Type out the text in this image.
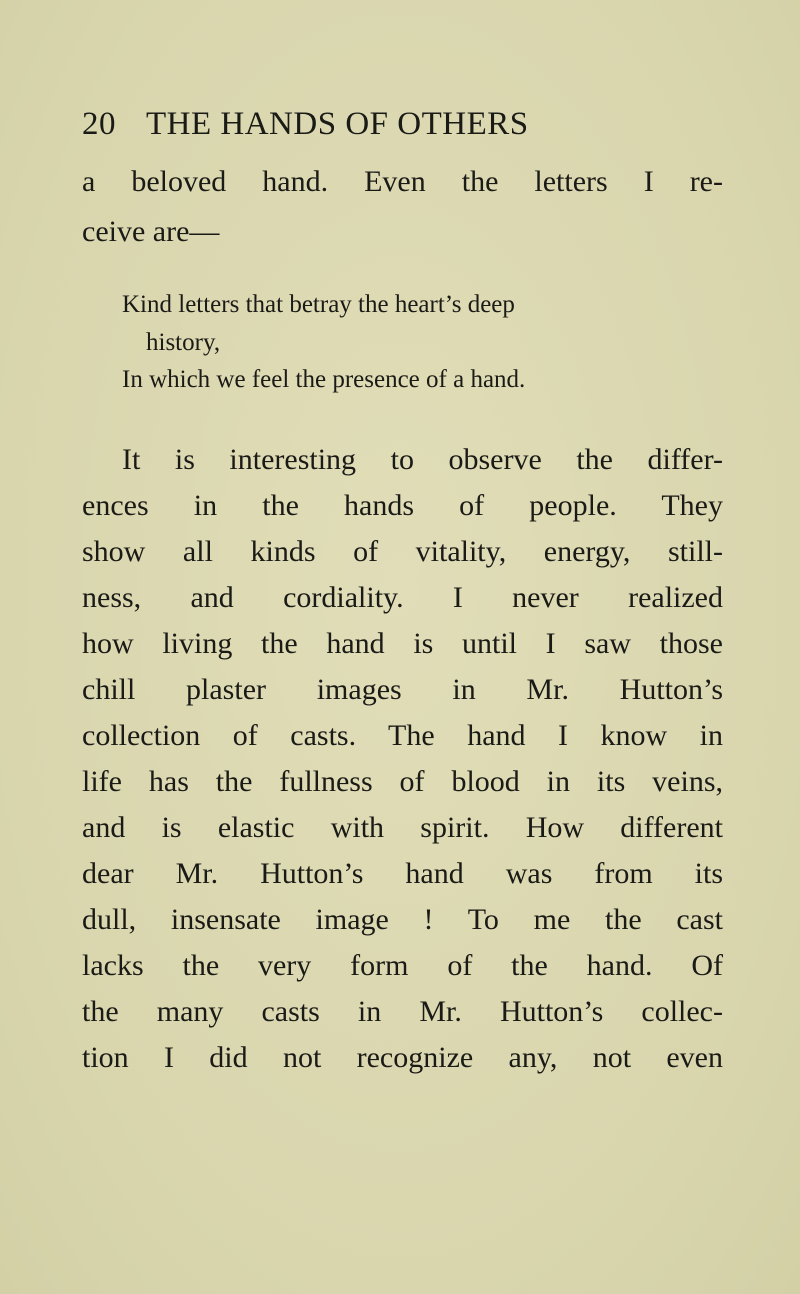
20 THE HANDS OF OTHERS
a beloved hand. Even the letters I re-
ceive are—
Kind letters that betray the heart’s deep
history,
In which we feel the presence of a hand.
It is interesting to observe the differ-
ences in the hands of people. They
show all kinds of vitality, energy, still-
ness, and cordiality. I never realized
how living the hand is until I saw those
chill plaster images in Mr. Hutton’s
collection of casts. The hand I know in
life has the fullness of blood in its veins,
and is elastic with spirit. How different
dear Mr. Hutton’s hand was from its
dull, insensate image ! To me the cast
lacks the very form of the hand. Of
the many casts in Mr. Hutton’s collec-
tion I did not recognize any, not even
